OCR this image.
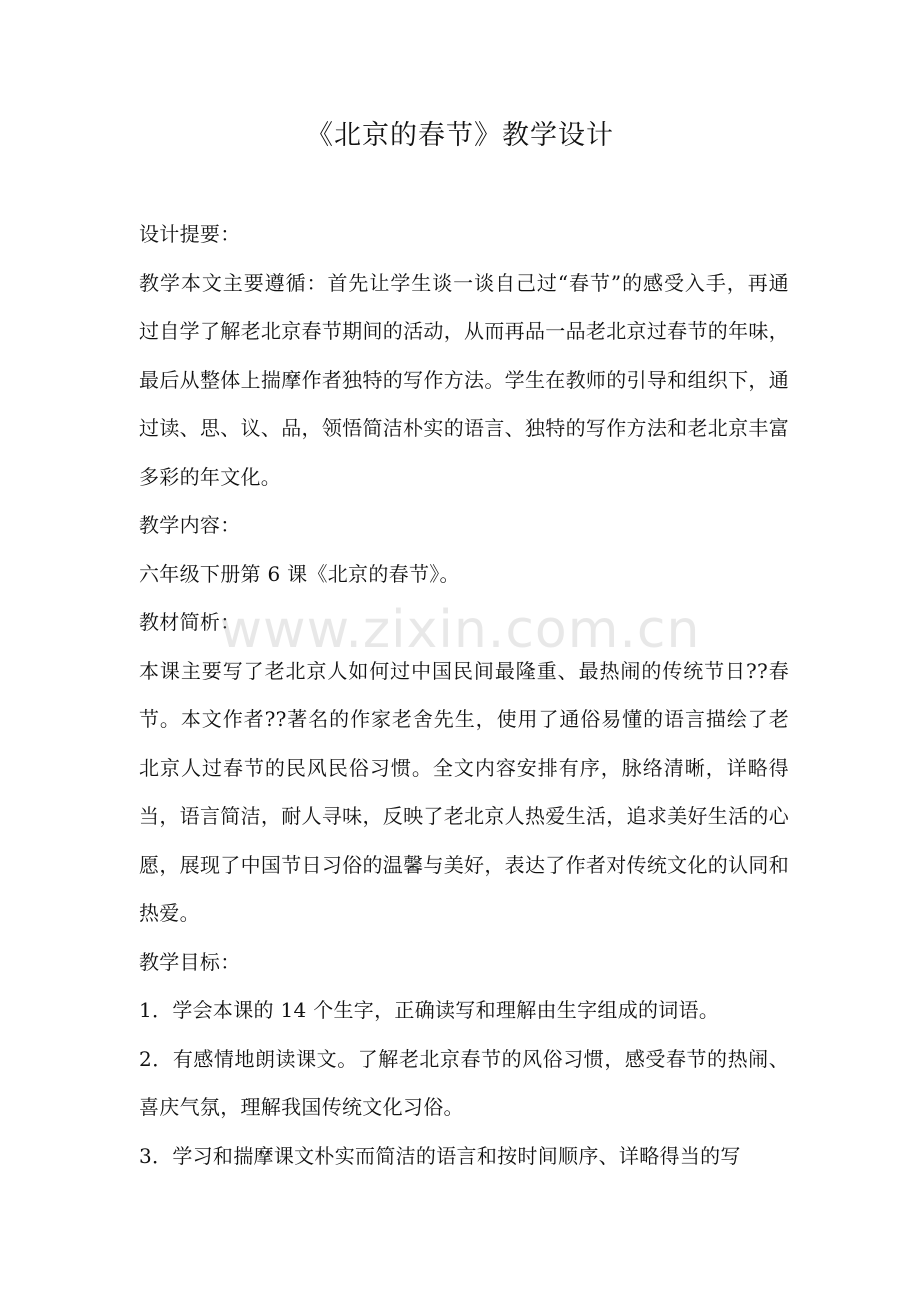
《北京的春节》教学设计

设计提要：

教学本文主要遵循：首先让学生谈一谈自己过“春节”的感受入手，再通过自学了解老北京春节期间的活动，从而再品一品老北京过春节的年味，最后从整体上揣摩作者独特的写作方法。学生在教师的引导和组织下，通过读、思、议、品，领悟简洁朴实的语言、独特的写作方法和老北京丰富多彩的年文化。

教学内容：

六年级下册第 6 课《北京的春节》。

教材简析：

本课主要写了老北京人如何过中国民间最隆重、最热闹的传统节日??春节。本文作者??著名的作家老舍先生，使用了通俗易懂的语言描绘了老北京人过春节的民风民俗习惯。全文内容安排有序，脉络清晰，详略得当，语言简洁，耐人寻味，反映了老北京人热爱生活，追求美好生活的心愿，展现了中国节日习俗的温馨与美好，表达了作者对传统文化的认同和热爱。

教学目标：

1．学会本课的 14 个生字，正确读写和理解由生字组成的词语。

2．有感情地朗读课文。了解老北京春节的风俗习惯，感受春节的热闹、喜庆气氛，理解我国传统文化习俗。

3．学习和揣摩课文朴实而简洁的语言和按时间顺序、详略得当的写

www.zixin.com.cn
